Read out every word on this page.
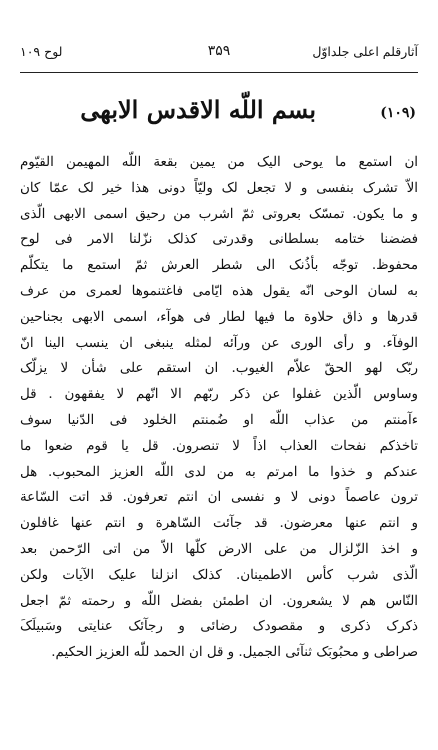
آثارقلم اعلی جلداوّل
۳۵۹
لوح ۱۰۹
(۱۰۹)
بسم اللّه الاقدس الابهی
ان استمع ما یوحی الیک من یمین بقعة اللّه المهیمن القیّوم
الاّ تشرک بنفسی و لا تجعل لک ولیّاً دونی هذا خیر لک عمّا کان
و ما یکون. تمسّک بعروتی ثمّ اشرب من رحیق اسمی الابهی الّذی
فضضنا ختامه بسلطانی وقدرتی کذلک نزّلنا الامر فی لوح
محفوظ. توجّه بأذُنک الی شطر العرش ثمّ استمع ما یتکلّم
به لسان الوحی انّه یقول هذه ایّامی فاغتنموها لعمری من عرف
قدرها و ذاق حلاوة ما فیها لطار فی هوآء، اسمی الابهی بجناحین
الوفآء. و رأی الوری عن ورآئه لمثله ینبغی ان ینسب الینا انّ
ربّک لهو الحقّ علاّم الغیوب. ان استقم علی شأن لا یزلّک
وساوس الّذین غفلوا عن ذکر ربّهم الا انّهم لا یفقهون . قل
ءآمنتم من عذاب اللّه او ضُمنتم الخلود فی الدّنیا سوف
تاخذکم نفحات العذاب اذاً لا تنصرون. قل یا قوم ضعوا ما
عندکم و خذوا ما امرتم به من لدی اللّه العزیز المحبوب. هل
ترون عاصماً دونی لا و نفسی ان انتم تعرفون. قد اتت السّاعة
و انتم عنها معرضون. قد جآئت السّاهرة و انتم عنها غافلون
و اخذ الزّلزال من علی الارض کلّها الاّ من اتی الرّحمن بعد
الّذی شرب کأس الاطمینان. کذلک انزلنا علیک الآیات ولکن
النّاس هم لا یشعرون. ان اطمئن بفضل اللّه و رحمته ثمّ اجعل
ذکرک ذکری و مقصودک رضائی و رجآئک عنایتی وسَبیلَکَ
صراطی و محبُوبَک ثنآئی الجمیل. و قل ان الحمد للّه العزیز الحکیم.
